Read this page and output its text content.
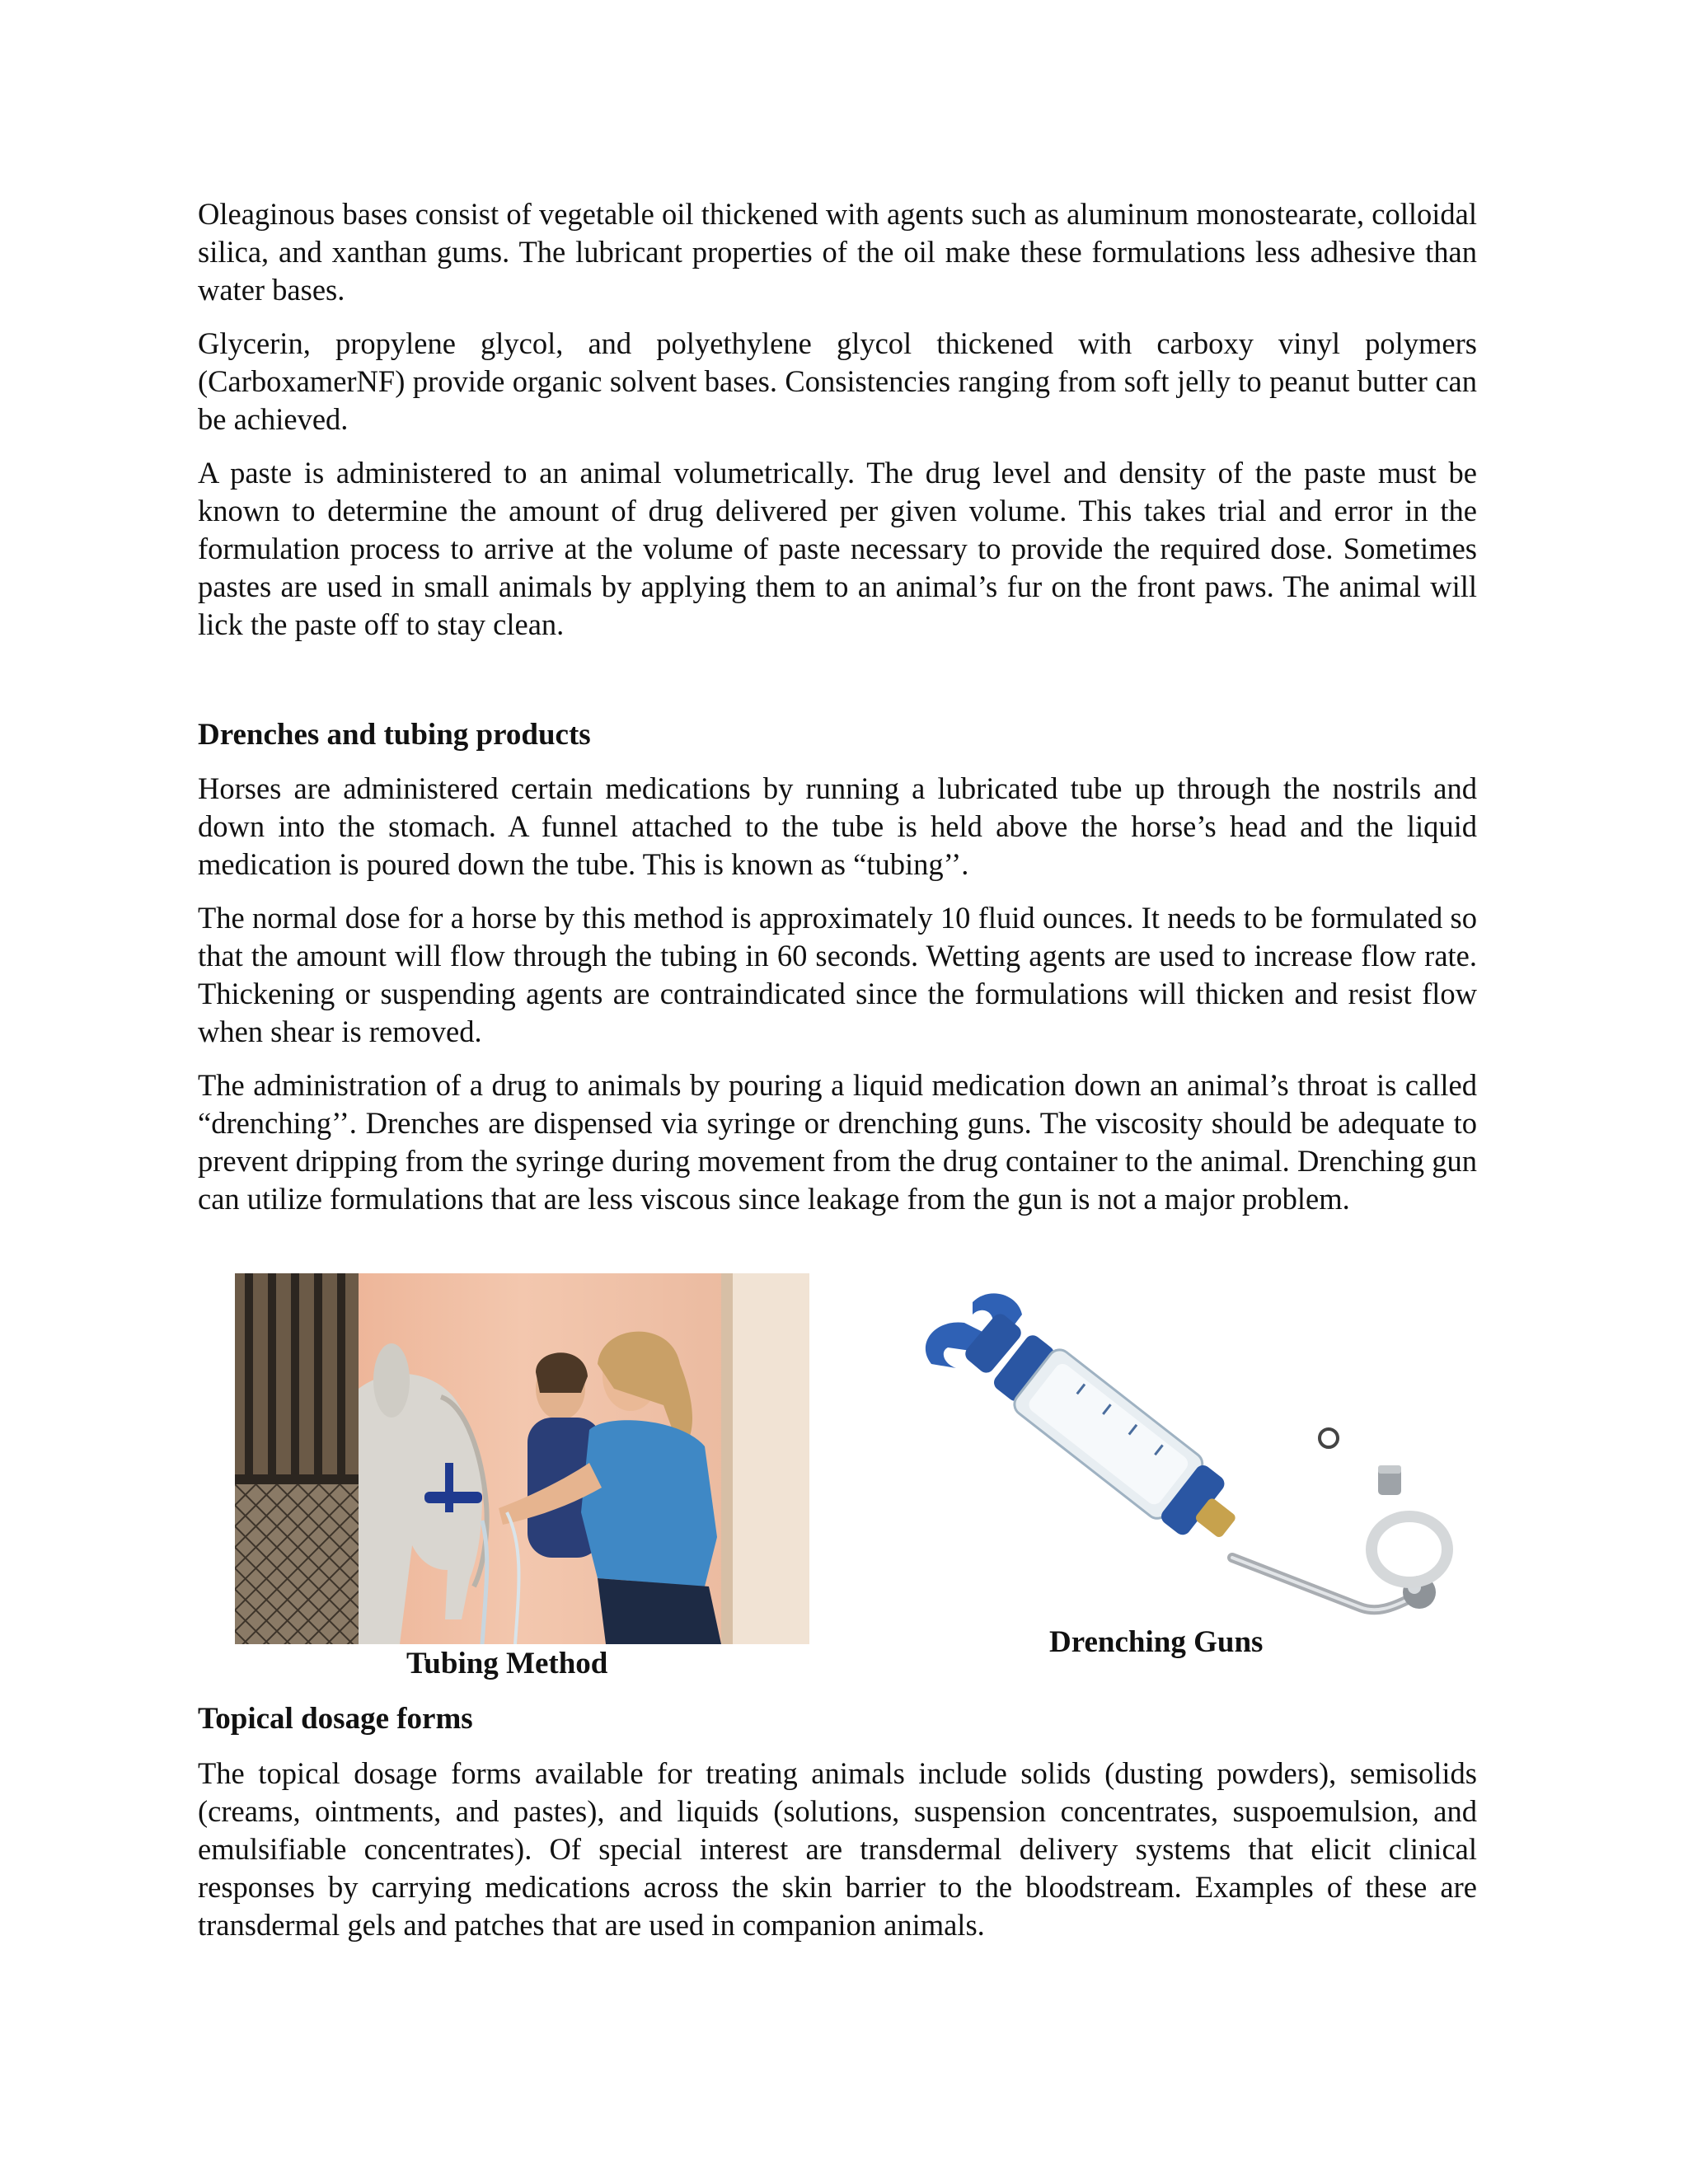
Oleaginous bases consist of vegetable oil thickened with agents such as aluminum monostearate, colloidal silica, and xanthan gums. The lubricant properties of the oil make these formulations less adhesive than water bases.

Glycerin, propylene glycol, and polyethylene glycol thickened with carboxy vinyl polymers (CarboxamerNF) provide organic solvent bases. Consistencies ranging from soft jelly to peanut butter can be achieved.

A paste is administered to an animal volumetrically. The drug level and density of the paste must be known to determine the amount of drug delivered per given volume. This takes trial and error in the formulation process to arrive at the volume of paste necessary to provide the required dose. Sometimes pastes are used in small animals by applying them to an animal’s fur on the front paws. The animal will lick the paste off to stay clean.

Drenches and tubing products

Horses are administered certain medications by running a lubricated tube up through the nostrils and down into the stomach. A funnel attached to the tube is held above the horse’s head and the liquid medication is poured down the tube. This is known as “tubing’’.

The normal dose for a horse by this method is approximately 10 fluid ounces. It needs to be formulated so that the amount will flow through the tubing in 60 seconds. Wetting agents are used to increase flow rate. Thickening or suspending agents are contraindicated since the formulations will thicken and resist flow when shear is removed.

The administration of a drug to animals by pouring a liquid medication down an animal’s throat is called “drenching’’. Drenches are dispensed via syringe or drenching guns. The viscosity should be adequate to prevent dripping from the syringe during movement from the drug container to the animal. Drenching gun can utilize formulations that are less viscous since leakage from the gun is not a major problem.

Tubing Method

Drenching Guns

Topical dosage forms

The topical dosage forms available for treating animals include solids (dusting powders), semisolids (creams, ointments, and pastes), and liquids (solutions, suspension concentrates, suspoemulsion, and emulsifiable concentrates). Of special interest are transdermal delivery systems that elicit clinical responses by carrying medications across the skin barrier to the bloodstream. Examples of these are transdermal gels and patches that are used in companion animals.
